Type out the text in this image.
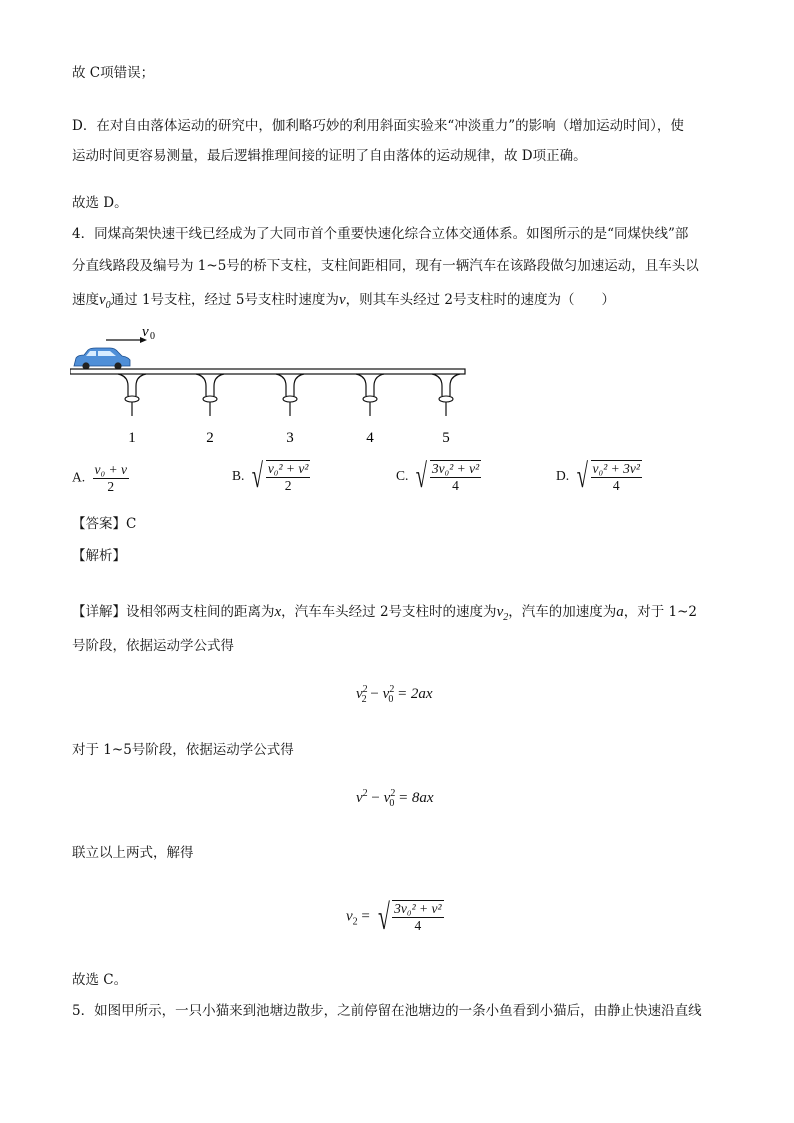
故 C项错误；
D．在对自由落体运动的研究中，伽利略巧妙的利用斜面实验来“冲淡重力”的影响（增加运动时间），使
运动时间更容易测量，最后逻辑推理间接的证明了自由落体的运动规律，故 D项正确。
故选 D。
4．同煤高架快速干线已经成为了大同市首个重要快速化综合立体交通体系。如图所示的是“同煤快线”部
分直线路段及编号为 1~5号的桥下支柱，支柱间距相同，现有一辆汽车在该路段做匀加速运动，且车头以
速度$v_0$通过 1号支柱，经过 5号支柱时速度为v，则其车头经过 2号支柱时的速度为（　　）
v 0
1	2	3	4	5
A. $\frac{\text{v₀ + v}}{2}$	B. √ $\frac{\text{v₀² + v²}}{2}$	C. √ $\frac{\text{3v₀² + v²}}{4}$	D. √ $\frac{\text{v₀² + 3v²}}{4}$
【答案】C
【解析】
【详解】设相邻两支柱间的距离为x，汽车车头经过 2号支柱时的速度为$v_2$，汽车的加速度为a，对于 1~2
号阶段，依据运动学公式得
$v^2_2 - v^2_0 = 2ax$
对于 1~5号阶段，依据运动学公式得
$v^2 - v^2_0 = 8ax$
联立以上两式，解得
$v_2$ = √ $\frac{\text{3v₀² + v²}}{4}$
故选 C。
5．如图甲所示，一只小猫来到池塘边散步，之前停留在池塘边的一条小鱼看到小猫后，由静止快速沿直线
